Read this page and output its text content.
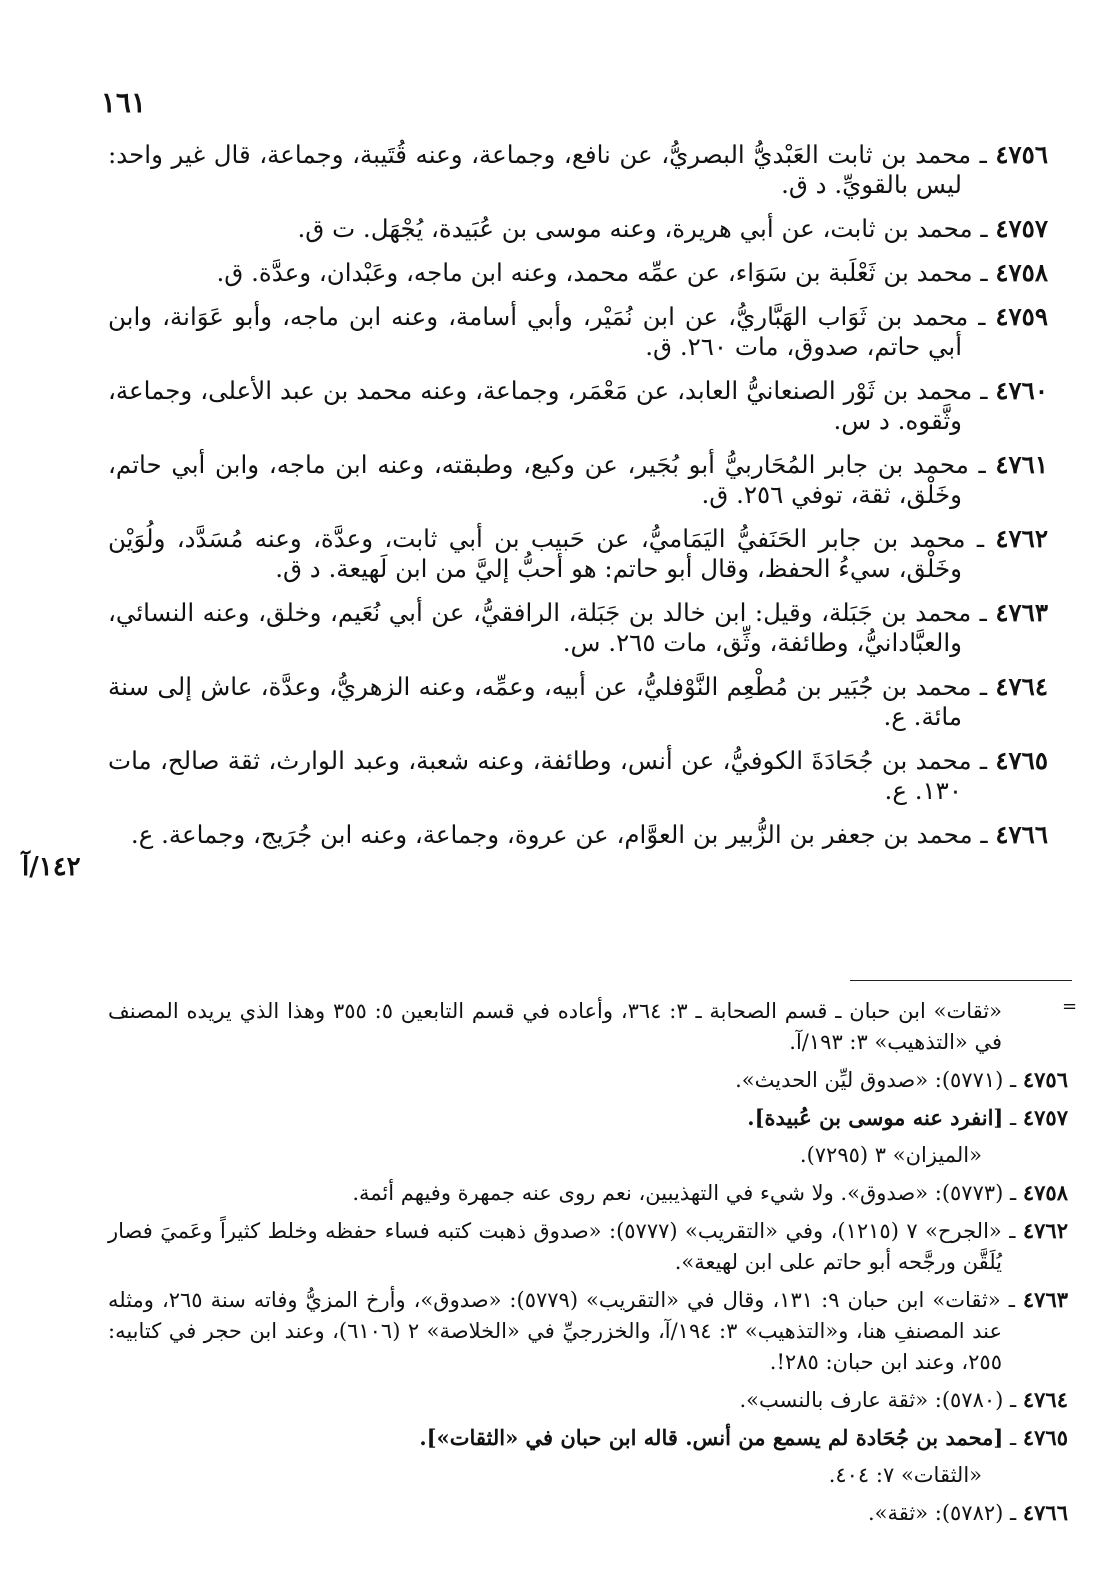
١٦١
١٤٢/آ

٤٧٥٦ ـ محمد بن ثابت العَبْديُّ البصريُّ، عن نافع، وجماعة، وعنه قُتَيبة، وجماعة، قال غير واحد: ليس بالقويِّ. د ق.

٤٧٥٧ ـ محمد بن ثابت، عن أبي هريرة، وعنه موسى بن عُبَيدة، يُجْهَل. ت ق.

٤٧٥٨ ـ محمد بن ثَعْلَبة بن سَوَاء، عن عمِّه محمد، وعنه ابن ماجه، وعَبْدان، وعدَّة. ق.

٤٧٥٩ ـ محمد بن ثَوَاب الهَبَّاريُّ، عن ابن نُمَيْر، وأبي أسامة، وعنه ابن ماجه، وأبو عَوَانة، وابن أبي حاتم، صدوق، مات ٢٦٠. ق.

٤٧٦٠ ـ محمد بن ثَوْر الصنعانيُّ العابد، عن مَعْمَر، وجماعة، وعنه محمد بن عبد الأعلى، وجماعة، وثَّقوه. د س.

٤٧٦١ ـ محمد بن جابر المُحَاربيُّ أبو بُجَير، عن وكيع، وطبقته، وعنه ابن ماجه، وابن أبي حاتم، وخَلْق، ثقة، توفي ٢٥٦. ق.

٤٧٦٢ ـ محمد بن جابر الحَنَفيُّ اليَمَاميُّ، عن حَبيب بن أبي ثابت، وعدَّة، وعنه مُسَدَّد، ولُوَيْن وخَلْق، سيءُ الحفظ، وقال أبو حاتم: هو أحبُّ إليَّ من ابن لَهيعة. د ق.

٤٧٦٣ ـ محمد بن جَبَلة، وقيل: ابن خالد بن جَبَلة، الرافقيُّ، عن أبي نُعَيم، وخلق، وعنه النسائي، والعبَّادانيُّ، وطائفة، وثِّق، مات ٢٦٥. س.

٤٧٦٤ ـ محمد بن جُبَير بن مُطْعِم النَّوْفليُّ، عن أبيه، وعمِّه، وعنه الزهريُّ، وعدَّة، عاش إلى سنة مائة. ع.

٤٧٦٥ ـ محمد بن جُحَادَةَ الكوفيُّ، عن أنس، وطائفة، وعنه شعبة، وعبد الوارث، ثقة صالح، مات ١٣٠. ع.

٤٧٦٦ ـ محمد بن جعفر بن الزُّبير بن العوَّام، عن عروة، وجماعة، وعنه ابن جُرَيج، وجماعة. ع.

=

«ثقات» ابن حبان ـ قسم الصحابة ـ ٣: ٣٦٤، وأعاده في قسم التابعين ٥: ٣٥٥ وهذا الذي يريده المصنف في «التذهيب» ٣: ١٩٣/آ.

٤٧٥٦ ـ (٥٧٧١): «صدوق ليِّن الحديث».

٤٧٥٧ ـ [انفرد عنه موسى بن عُبيدة].

«الميزان» ٣ (٧٢٩٥).

٤٧٥٨ ـ (٥٧٧٣): «صدوق». ولا شيء في التهذيبين، نعم روى عنه جمهرة وفيهم أئمة.

٤٧٦٢ ـ «الجرح» ٧ (١٢١٥)، وفي «التقريب» (٥٧٧٧): «صدوق ذهبت كتبه فساء حفظه وخلط كثيراً وعَميَ فصار يُلَقَّن ورجَّحه أبو حاتم على ابن لهيعة».

٤٧٦٣ ـ «ثقات» ابن حبان ٩: ١٣١، وقال في «التقريب» (٥٧٧٩): «صدوق»، وأرخ المزيُّ وفاته سنة ٢٦٥، ومثله عند المصنفِ هنا، و«التذهيب» ٣: ١٩٤/آ، والخزرجيِّ في «الخلاصة» ٢ (٦١٠٦)، وعند ابن حجر في كتابيه: ٢٥٥، وعند ابن حبان: ٢٨٥!.

٤٧٦٤ ـ (٥٧٨٠): «ثقة عارف بالنسب».

٤٧٦٥ ـ [محمد بن جُحَادة لم يسمع من أنس. قاله ابن حبان في «الثقات»].

«الثقات» ٧: ٤٠٤.

٤٧٦٦ ـ (٥٧٨٢): «ثقة».
